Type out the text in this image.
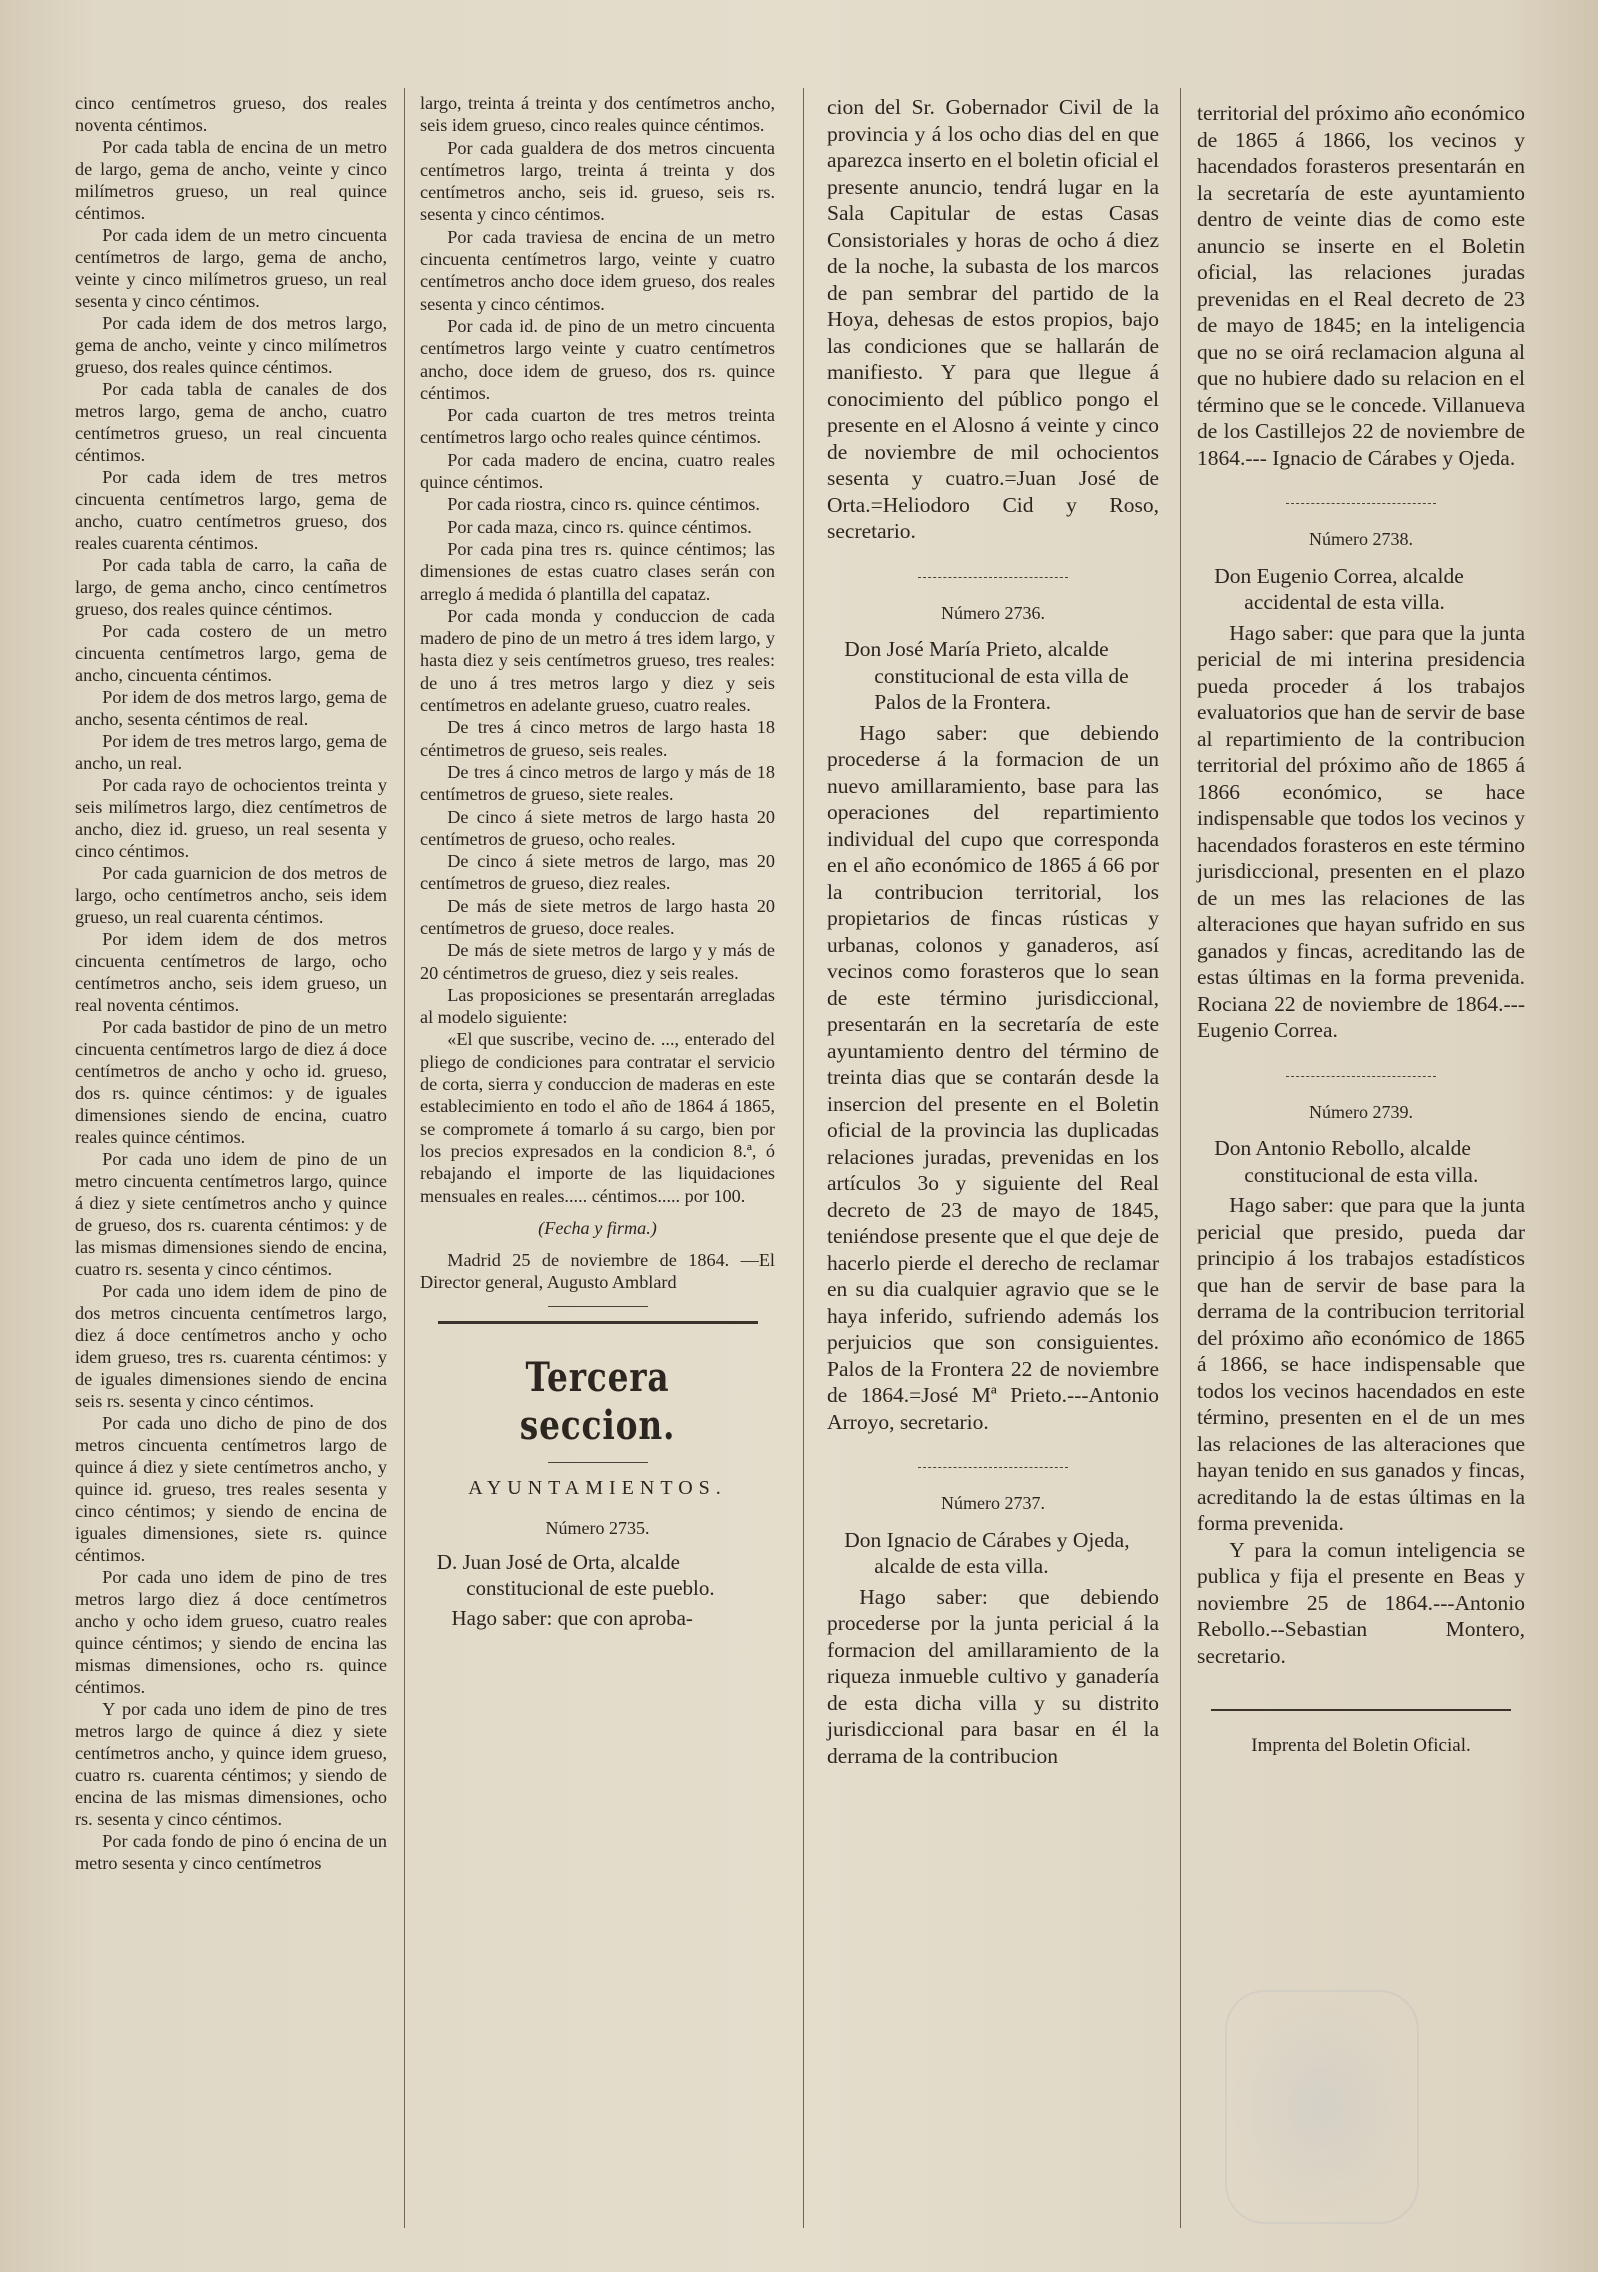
cinco centímetros grueso, dos reales noventa céntimos.

Por cada tabla de encina de un metro de largo, gema de ancho, veinte y cinco milímetros grueso, un real quince céntimos.

Por cada idem de un metro cincuenta centímetros de largo, gema de ancho, veinte y cinco milímetros grueso, un real sesenta y cinco céntimos.

Por cada idem de dos metros largo, gema de ancho, veinte y cinco milímetros grueso, dos reales quince céntimos.

Por cada tabla de canales de dos metros largo, gema de ancho, cuatro centímetros grueso, un real cincuenta céntimos.

Por cada idem de tres metros cincuenta centímetros largo, gema de ancho, cuatro centímetros grueso, dos reales cuarenta céntimos.

Por cada tabla de carro, la caña de largo, de gema ancho, cinco centímetros grueso, dos reales quince céntimos.

Por cada costero de un metro cincuenta centímetros largo, gema de ancho, cincuenta céntimos.

Por idem de dos metros largo, gema de ancho, sesenta céntimos de real.

Por idem de tres metros largo, gema de ancho, un real.

Por cada rayo de ochocientos treinta y seis milímetros largo, diez centímetros de ancho, diez id. grueso, un real sesenta y cinco céntimos.

Por cada guarnicion de dos metros de largo, ocho centímetros ancho, seis idem grueso, un real cuarenta céntimos.

Por idem idem de dos metros cincuenta centímetros de largo, ocho centímetros ancho, seis idem grueso, un real noventa céntimos.

Por cada bastidor de pino de un metro cincuenta centímetros largo de diez á doce centímetros de ancho y ocho id. grueso, dos rs. quince céntimos: y de iguales dimensiones siendo de encina, cuatro reales quince céntimos.

Por cada uno idem de pino de un metro cincuenta centímetros largo, quince á diez y siete centímetros ancho y quince de grueso, dos rs. cuarenta céntimos: y de las mismas dimensiones siendo de encina, cuatro rs. sesenta y cinco céntimos.

Por cada uno idem idem de pino de dos metros cincuenta centímetros largo, diez á doce centímetros ancho y ocho idem grueso, tres rs. cuarenta céntimos: y de iguales dimensiones siendo de encina seis rs. sesenta y cinco céntimos.

Por cada uno dicho de pino de dos metros cincuenta centímetros largo de quince á diez y siete centímetros ancho, y quince id. grueso, tres reales sesenta y cinco céntimos; y siendo de encina de iguales dimensiones, siete rs. quince céntimos.

Por cada uno idem de pino de tres metros largo diez á doce centímetros ancho y ocho idem grueso, cuatro reales quince céntimos; y siendo de encina las mismas dimensiones, ocho rs. quince céntimos.

Y por cada uno idem de pino de tres metros largo de quince á diez y siete centímetros ancho, y quince idem grueso, cuatro rs. cuarenta céntimos; y siendo de encina de las mismas dimensiones, ocho rs. sesenta y cinco céntimos.

Por cada fondo de pino ó encina de un metro sesenta y cinco centímetros

largo, treinta á treinta y dos centímetros ancho, seis idem grueso, cinco reales quince céntimos.

Por cada gualdera de dos metros cincuenta centímetros largo, treinta á treinta y dos centímetros ancho, seis id. grueso, seis rs. sesenta y cinco céntimos.

Por cada traviesa de encina de un metro cincuenta centímetros largo, veinte y cuatro centímetros ancho doce idem grueso, dos reales sesenta y cinco céntimos.

Por cada id. de pino de un metro cincuenta centímetros largo veinte y cuatro centímetros ancho, doce idem de grueso, dos rs. quince céntimos.

Por cada cuarton de tres metros treinta centímetros largo ocho reales quince céntimos.

Por cada madero de encina, cuatro reales quince céntimos.

Por cada riostra, cinco rs. quince céntimos.

Por cada maza, cinco rs. quince céntimos.

Por cada pina tres rs. quince céntimos; las dimensiones de estas cuatro clases serán con arreglo á medida ó plantilla del capataz.

Por cada monda y conduccion de cada madero de pino de un metro á tres idem largo, y hasta diez y seis centímetros grueso, tres reales: de uno á tres metros largo y diez y seis centímetros en adelante grueso, cuatro reales.

De tres á cinco metros de largo hasta 18 céntimetros de grueso, seis reales.

De tres á cinco metros de largo y más de 18 centímetros de grueso, siete reales.

De cinco á siete metros de largo hasta 20 centímetros de grueso, ocho reales.

De cinco á siete metros de largo, mas 20 centímetros de grueso, diez reales.

De más de siete metros de largo hasta 20 centímetros de grueso, doce reales.

De más de siete metros de largo y y más de 20 céntimetros de grueso, diez y seis reales.

Las proposiciones se presentarán arregladas al modelo siguiente:

«El que suscribe, vecino de. ..., enterado del pliego de condiciones para contratar el servicio de corta, sierra y conduccion de maderas en este establecimiento en todo el año de 1864 á 1865, se compromete á tomarlo á su cargo, bien por los precios expresados en la condicion 8.ª, ó rebajando el importe de las liquidaciones mensuales en reales..... céntimos..... por 100.

(Fecha y firma.)

Madrid 25 de noviembre de 1864. —El Director general, Augusto Amblard

Tercera seccion.

AYUNTAMIENTOS.

Número 2735.

D. Juan José de Orta, alcalde constitucional de este pueblo.

Hago saber: que con aproba-

cion del Sr. Gobernador Civil de la provincia y á los ocho dias del en que aparezca inserto en el boletin oficial el presente anuncio, tendrá lugar en la Sala Capitular de estas Casas Consistoriales y horas de ocho á diez de la noche, la subasta de los marcos de pan sembrar del partido de la Hoya, dehesas de estos propios, bajo las condiciones que se hallarán de manifiesto. Y para que llegue á conocimiento del público pongo el presente en el Alosno á veinte y cinco de noviembre de mil ochocientos sesenta y cuatro.=Juan José de Orta.=Heliodoro Cid y Roso, secretario.

Número 2736.

Don José María Prieto, alcalde constitucional de esta villa de Palos de la Frontera.

Hago saber: que debiendo procederse á la formacion de un nuevo amillaramiento, base para las operaciones del repartimiento individual del cupo que corresponda en el año económico de 1865 á 66 por la contribucion territorial, los propietarios de fincas rústicas y urbanas, colonos y ganaderos, así vecinos como forasteros que lo sean de este término jurisdiccional, presentarán en la secretaría de este ayuntamiento dentro del término de treinta dias que se contarán desde la insercion del presente en el Boletin oficial de la provincia las duplicadas relaciones juradas, prevenidas en los artículos 3o y siguiente del Real decreto de 23 de mayo de 1845, teniéndose presente que el que deje de hacerlo pierde el derecho de reclamar en su dia cualquier agravio que se le haya inferido, sufriendo además los perjuicios que son consiguientes. Palos de la Frontera 22 de noviembre de 1864.=José Mª Prieto.---Antonio Arroyo, secretario.

Número 2737.

Don Ignacio de Cárabes y Ojeda, alcalde de esta villa.

Hago saber: que debiendo procederse por la junta pericial á la formacion del amillaramiento de la riqueza inmueble cultivo y ganadería de esta dicha villa y su distrito jurisdiccional para basar en él la derrama de la contribucion

territorial del próximo año económico de 1865 á 1866, los vecinos y hacendados forasteros presentarán en la secretaría de este ayuntamiento dentro de veinte dias de como este anuncio se inserte en el Boletin oficial, las relaciones juradas prevenidas en el Real decreto de 23 de mayo de 1845; en la inteligencia que no se oirá reclamacion alguna al que no hubiere dado su relacion en el término que se le concede. Villanueva de los Castillejos 22 de noviembre de 1864.--- Ignacio de Cárabes y Ojeda.

Número 2738.

Don Eugenio Correa, alcalde accidental de esta villa.

Hago saber: que para que la junta pericial de mi interina presidencia pueda proceder á los trabajos evaluatorios que han de servir de base al repartimiento de la contribucion territorial del próximo año de 1865 á 1866 económico, se hace indispensable que todos los vecinos y hacendados forasteros en este término jurisdiccional, presenten en el plazo de un mes las relaciones de las alteraciones que hayan sufrido en sus ganados y fincas, acreditando las de estas últimas en la forma prevenida. Rociana 22 de noviembre de 1864.---Eugenio Correa.

Número 2739.

Don Antonio Rebollo, alcalde constitucional de esta villa.

Hago saber: que para que la junta pericial que presido, pueda dar principio á los trabajos estadísticos que han de servir de base para la derrama de la contribucion territorial del próximo año económico de 1865 á 1866, se hace indispensable que todos los vecinos hacendados en este término, presenten en el de un mes las relaciones de las alteraciones que hayan tenido en sus ganados y fincas, acreditando la de estas últimas en la forma prevenida.

Y para la comun inteligencia se publica y fija el presente en Beas y noviembre 25 de 1864.---Antonio Rebollo.--Sebastian Montero, secretario.

Imprenta del Boletin Oficial.
